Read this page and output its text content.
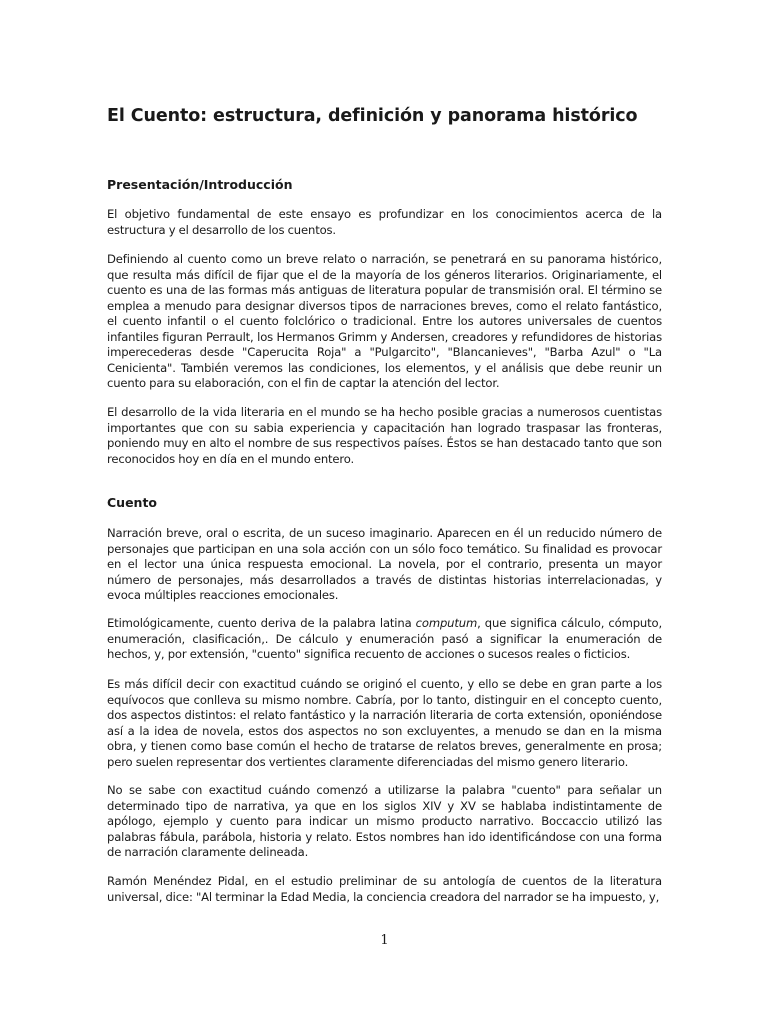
El Cuento: estructura, definición y panorama histórico
Presentación/Introducción

El objetivo fundamental de este ensayo es profundizar en los conocimientos acerca de la estructura y el desarrollo de los cuentos.

Definiendo al cuento como un breve relato o narración, se penetrará en su panorama histórico, que resulta más difícil de fijar que el de la mayoría de los géneros literarios. Originariamente, el cuento es una de las formas más antiguas de literatura popular de transmisión oral. El término se emplea a menudo para designar diversos tipos de narraciones breves, como el relato fantástico, el cuento infantil o el cuento folclórico o tradicional. Entre los autores universales de cuentos infantiles figuran Perrault, los Hermanos Grimm y Andersen, creadores y refundidores de historias imperecederas desde "Caperucita Roja" a "Pulgarcito", "Blancanieves", "Barba Azul" o "La Cenicienta". También veremos las condiciones, los elementos, y el análisis que debe reunir un cuento para su elaboración, con el fin de captar la atención del lector.

El desarrollo de la vida literaria en el mundo se ha hecho posible gracias a numerosos cuentistas importantes que con su sabia experiencia y capacitación han logrado traspasar las fronteras, poniendo muy en alto el nombre de sus respectivos países. Éstos se han destacado tanto que son reconocidos hoy en día en el mundo entero.

Cuento

Narración breve, oral o escrita, de un suceso imaginario. Aparecen en él un reducido número de personajes que participan en una sola acción con un sólo foco temático. Su finalidad es provocar en el lector una única respuesta emocional. La novela, por el contrario, presenta un mayor número de personajes, más desarrollados a través de distintas historias interrelacionadas, y evoca múltiples reacciones emocionales.

Etimológicamente, cuento deriva de la palabra latina computum, que significa cálculo, cómputo, enumeración, clasificación,. De cálculo y enumeración pasó a significar la enumeración de hechos, y, por extensión, "cuento" significa recuento de acciones o sucesos reales o ficticios.

Es más difícil decir con exactitud cuándo se originó el cuento, y ello se debe en gran parte a los equívocos que conlleva su mismo nombre. Cabría, por lo tanto, distinguir en el concepto cuento, dos aspectos distintos: el relato fantástico y la narración literaria de corta extensión, oponiéndose así a la idea de novela, estos dos aspectos no son excluyentes, a menudo se dan en la misma obra, y tienen como base común el hecho de tratarse de relatos breves, generalmente en prosa; pero suelen representar dos vertientes claramente diferenciadas del mismo genero literario.

No se sabe con exactitud cuándo comenzó a utilizarse la palabra "cuento" para señalar un determinado tipo de narrativa, ya que en los siglos XIV y XV se hablaba indistintamente de apólogo, ejemplo y cuento para indicar un mismo producto narrativo. Boccaccio utilizó las palabras fábula, parábola, historia y relato. Estos nombres han ido identificándose con una forma de narración claramente delineada.

Ramón Menéndez Pidal, en el estudio preliminar de su antología de cuentos de la literatura universal, dice: "Al terminar la Edad Media, la conciencia creadora del narrador se ha impuesto, y,

1
